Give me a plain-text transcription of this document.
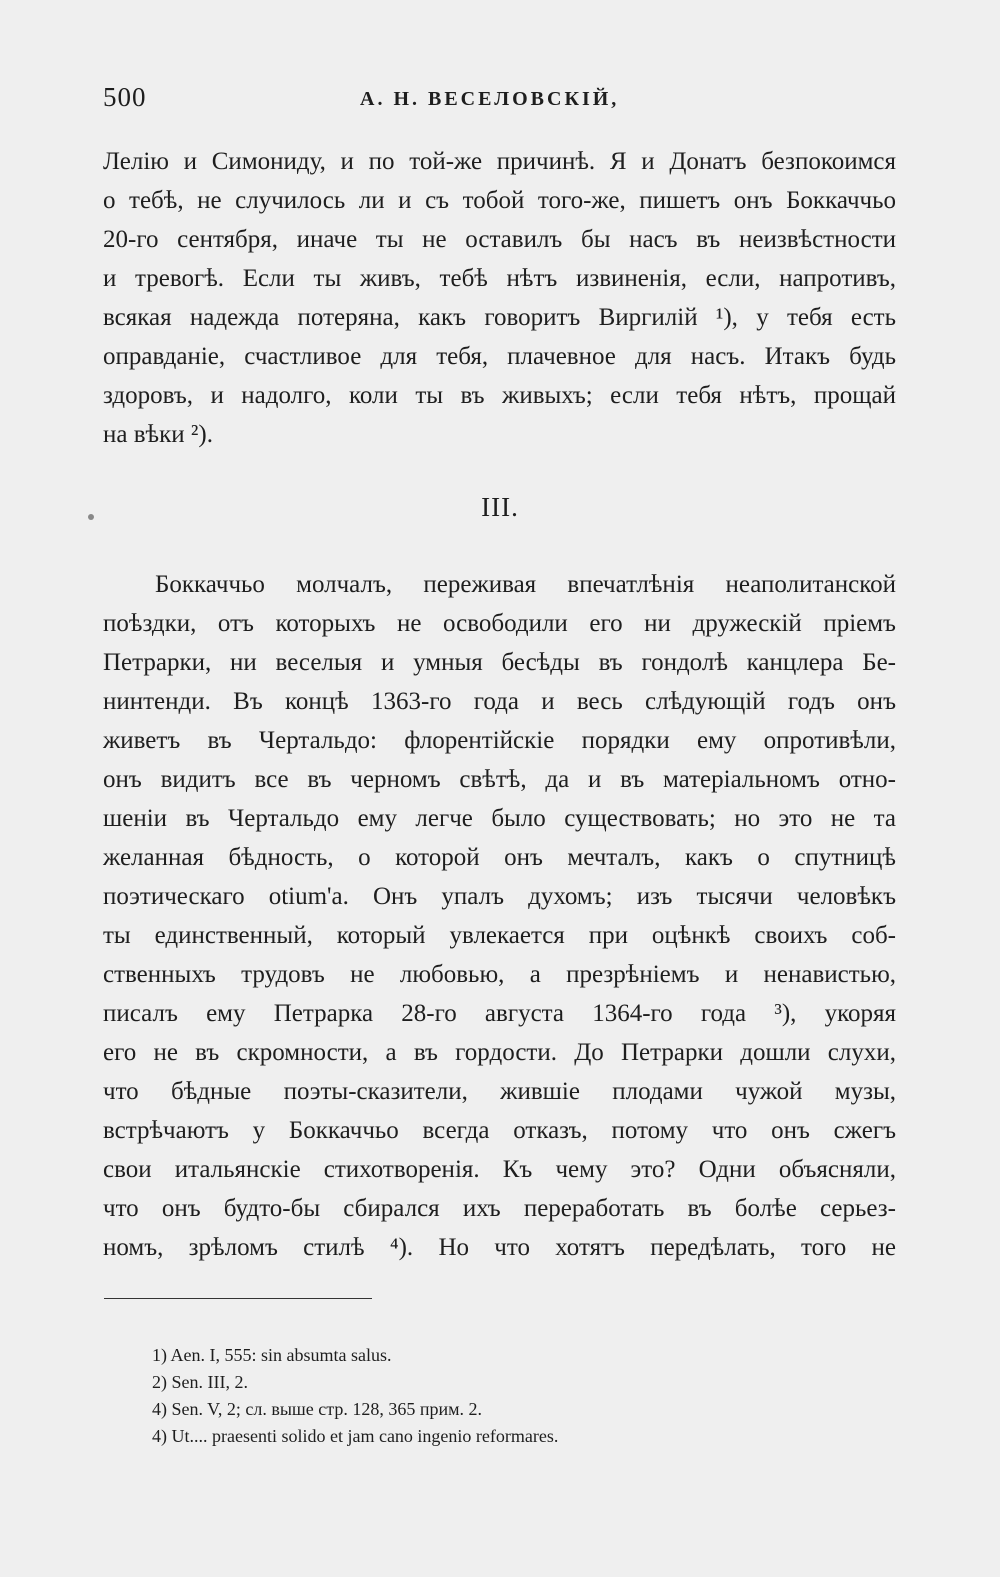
500	А. Н. ВЕСЕЛОВСКІЙ,
Лелію и Симониду, и по той-же причинѣ. Я и Донатъ безпокоимся
о тебѣ, не случилось ли и съ тобой того-же, пишетъ онъ Боккаччьо
20-го сентября, иначе ты не оставилъ бы насъ въ неизвѣстности
и тревогѣ. Если ты живъ, тебѣ нѣтъ извиненія, если, напротивъ,
всякая надежда потеряна, какъ говоритъ Виргилій ¹), у тебя есть
оправданіе, счастливое для тебя, плачевное для насъ. Итакъ будь
здоровъ, и надолго, коли ты въ живыхъ; если тебя нѣтъ, прощай
на вѣки ²).
III.
Боккаччьо молчалъ, переживая впечатлѣнія неаполитанской
поѣздки, отъ которыхъ не освободили его ни дружескій пріемъ
Петрарки, ни веселыя и умныя бесѣды въ гондолѣ канцлера Бе-
нинтенди. Въ концѣ 1363-го года и весь слѣдующій годъ онъ
живетъ въ Чертальдо: флорентійскіе порядки ему опротивѣли,
онъ видитъ все въ черномъ свѣтѣ, да и въ матеріальномъ отно-
шеніи въ Чертальдо ему легче было существовать; но это не та
желанная бѣдность, о которой онъ мечталъ, какъ о спутницѣ
поэтическаго otium'а. Онъ упалъ духомъ; изъ тысячи человѣкъ
ты единственный, который увлекается при оцѣнкѣ своихъ соб-
ственныхъ трудовъ не любовью, а презрѣніемъ и ненавистью,
писалъ ему Петрарка 28-го августа 1364-го года ³), укоряя
его не въ скромности, а въ гордости. До Петрарки дошли слухи,
что бѣдные поэты-сказители, жившіе плодами чужой музы,
встрѣчаютъ у Боккаччьо всегда отказъ, потому что онъ сжегъ
свои итальянскіе стихотворенія. Къ чему это? Одни объясняли,
что онъ будто-бы сбирался ихъ переработать въ болѣе серьез-
номъ, зрѣломъ стилѣ ⁴). Но что хотятъ передѣлать, того не
1) Aen. I, 555: sin absumta salus.
2) Sen. III, 2.
4) Sen. V, 2; сл. выше стр. 128, 365 прим. 2.
4) Ut.... praesenti solido et jam cano ingenio reformares.
